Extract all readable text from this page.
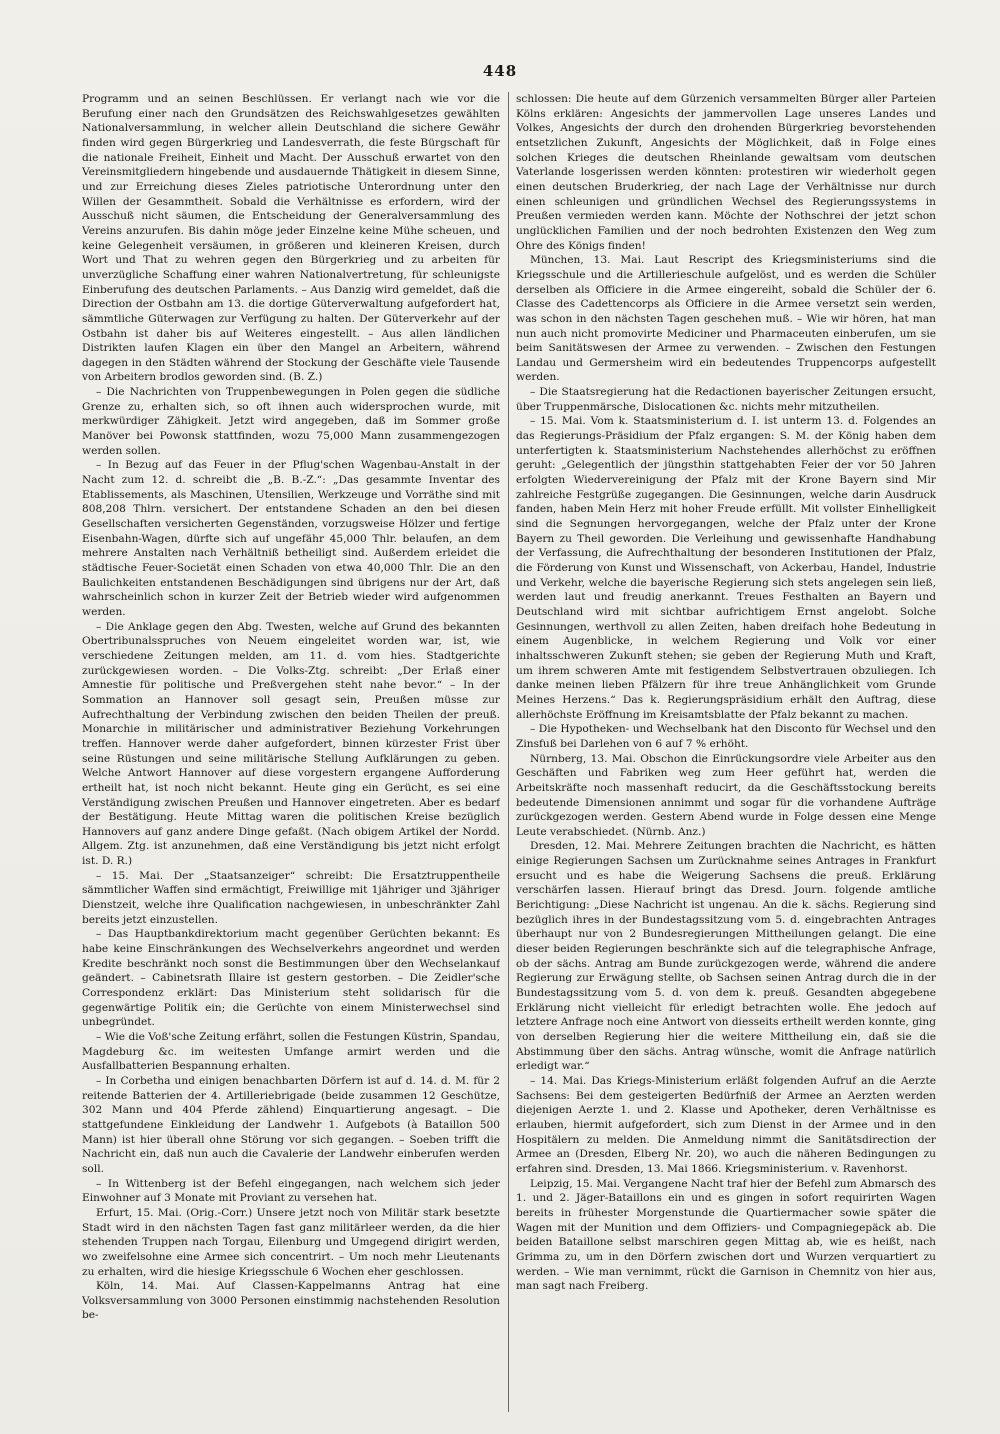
448

Programm und an seinen Beschlüssen. Er verlangt nach wie vor die Berufung einer nach den Grundsätzen des Reichswahlgesetzes gewählten Nationalversammlung, in welcher allein Deutschland die sichere Gewähr finden wird gegen Bürgerkrieg und Landesverrath, die feste Bürgschaft für die nationale Freiheit, Einheit und Macht. Der Ausschuß erwartet von den Vereinsmitgliedern hingebende und ausdauernde Thätigkeit in diesem Sinne, und zur Erreichung dieses Zieles patriotische Unterordnung unter den Willen der Gesammtheit. Sobald die Verhältnisse es erfordern, wird der Ausschuß nicht säumen, die Entscheidung der Generalversammlung des Vereins anzurufen. Bis dahin möge jeder Einzelne keine Mühe scheuen, und keine Gelegenheit versäumen, in größeren und kleineren Kreisen, durch Wort und That zu wehren gegen den Bürgerkrieg und zu arbeiten für unverzügliche Schaffung einer wahren Nationalvertretung, für schleunigste Einberufung des deutschen Parlaments. – Aus Danzig wird gemeldet, daß die Direction der Ostbahn am 13. die dortige Güterverwaltung aufgefordert hat, sämmtliche Güterwagen zur Verfügung zu halten. Der Güterverkehr auf der Ostbahn ist daher bis auf Weiteres eingestellt. – Aus allen ländlichen Distrikten laufen Klagen ein über den Mangel an Arbeitern, während dagegen in den Städten während der Stockung der Geschäfte viele Tausende von Arbeitern brodlos geworden sind. (B. Z.)

– Die Nachrichten von Truppenbewegungen in Polen gegen die südliche Grenze zu, erhalten sich, so oft ihnen auch widersprochen wurde, mit merkwürdiger Zähigkeit. Jetzt wird angegeben, daß im Sommer große Manöver bei Powonsk stattfinden, wozu 75,000 Mann zusammengezogen werden sollen.

– In Bezug auf das Feuer in der Pflug'schen Wagenbau-Anstalt in der Nacht zum 12. d. schreibt die „B. B.-Z.“: „Das gesammte Inventar des Etablissements, als Maschinen, Utensilien, Werkzeuge und Vorräthe sind mit 808,208 Thlrn. versichert. Der entstandene Schaden an den bei diesen Gesellschaften versicherten Gegenständen, vorzugsweise Hölzer und fertige Eisenbahn-Wagen, dürfte sich auf ungefähr 45,000 Thlr. belaufen, an dem mehrere Anstalten nach Verhältniß betheiligt sind. Außerdem erleidet die städtische Feuer-Societät einen Schaden von etwa 40,000 Thlr. Die an den Baulichkeiten entstandenen Beschädigungen sind übrigens nur der Art, daß wahrscheinlich schon in kurzer Zeit der Betrieb wieder wird aufgenommen werden.

– Die Anklage gegen den Abg. Twesten, welche auf Grund des bekannten Obertribunalsspruches von Neuem eingeleitet worden war, ist, wie verschiedene Zeitungen melden, am 11. d. vom hies. Stadtgerichte zurückgewiesen worden. – Die Volks-Ztg. schreibt: „Der Erlaß einer Amnestie für politische und Preßvergehen steht nahe bevor.“ – In der Sommation an Hannover soll gesagt sein, Preußen müsse zur Aufrechthaltung der Verbindung zwischen den beiden Theilen der preuß. Monarchie in militärischer und administrativer Beziehung Vorkehrungen treffen. Hannover werde daher aufgefordert, binnen kürzester Frist über seine Rüstungen und seine militärische Stellung Aufklärungen zu geben. Welche Antwort Hannover auf diese vorgestern ergangene Aufforderung ertheilt hat, ist noch nicht bekannt. Heute ging ein Gerücht, es sei eine Verständigung zwischen Preußen und Hannover eingetreten. Aber es bedarf der Bestätigung. Heute Mittag waren die politischen Kreise bezüglich Hannovers auf ganz andere Dinge gefaßt. (Nach obigem Artikel der Nordd. Allgem. Ztg. ist anzunehmen, daß eine Verständigung bis jetzt nicht erfolgt ist. D. R.)

– 15. Mai. Der „Staatsanzeiger“ schreibt: Die Ersatztruppentheile sämmtlicher Waffen sind ermächtigt, Freiwillige mit 1jähriger und 3jähriger Dienstzeit, welche ihre Qualification nachgewiesen, in unbeschränkter Zahl bereits jetzt einzustellen.

– Das Hauptbankdirektorium macht gegenüber Gerüchten bekannt: Es habe keine Einschränkungen des Wechselverkehrs angeordnet und werden Kredite beschränkt noch sonst die Bestimmungen über den Wechselankauf geändert. – Cabinetsrath Illaire ist gestern gestorben. – Die Zeidler'sche Correspondenz erklärt: Das Ministerium steht solidarisch für die gegenwärtige Politik ein; die Gerüchte von einem Ministerwechsel sind unbegründet.

– Wie die Voß'sche Zeitung erfährt, sollen die Festungen Küstrin, Spandau, Magdeburg &c. im weitesten Umfange armirt werden und die Ausfallbatterien Bespannung erhalten.

– In Corbetha und einigen benachbarten Dörfern ist auf d. 14. d. M. für 2 reitende Batterien der 4. Artilleriebrigade (beide zusammen 12 Geschütze, 302 Mann und 404 Pferde zählend) Einquartierung angesagt. – Die stattgefundene Einkleidung der Landwehr 1. Aufgebots (à Bataillon 500 Mann) ist hier überall ohne Störung vor sich gegangen. – Soeben trifft die Nachricht ein, daß nun auch die Cavalerie der Landwehr einberufen werden soll.

– In Wittenberg ist der Befehl eingegangen, nach welchem sich jeder Einwohner auf 3 Monate mit Proviant zu versehen hat.

Erfurt, 15. Mai. (Orig.-Corr.) Unsere jetzt noch von Militär stark besetzte Stadt wird in den nächsten Tagen fast ganz militärleer werden, da die hier stehenden Truppen nach Torgau, Eilenburg und Umgegend dirigirt werden, wo zweifelsohne eine Armee sich concentrirt. – Um noch mehr Lieutenants zu erhalten, wird die hiesige Kriegsschule 6 Wochen eher geschlossen.

Köln, 14. Mai. Auf Classen-Kappelmanns Antrag hat eine Volksversammlung von 3000 Personen einstimmig nachstehenden Resolution be-

schlossen: Die heute auf dem Gürzenich versammelten Bürger aller Parteien Kölns erklären: Angesichts der jammervollen Lage unseres Landes und Volkes, Angesichts der durch den drohenden Bürgerkrieg bevorstehenden entsetzlichen Zukunft, Angesichts der Möglichkeit, daß in Folge eines solchen Krieges die deutschen Rheinlande gewaltsam vom deutschen Vaterlande losgerissen werden könnten: protestiren wir wiederholt gegen einen deutschen Bruderkrieg, der nach Lage der Verhältnisse nur durch einen schleunigen und gründlichen Wechsel des Regierungssystems in Preußen vermieden werden kann. Möchte der Nothschrei der jetzt schon unglücklichen Familien und der noch bedrohten Existenzen den Weg zum Ohre des Königs finden!

München, 13. Mai. Laut Rescript des Kriegsministeriums sind die Kriegsschule und die Artillerieschule aufgelöst, und es werden die Schüler derselben als Officiere in die Armee eingereiht, sobald die Schüler der 6. Classe des Cadettencorps als Officiere in die Armee versetzt sein werden, was schon in den nächsten Tagen geschehen muß. – Wie wir hören, hat man nun auch nicht promovirte Mediciner und Pharmaceuten einberufen, um sie beim Sanitätswesen der Armee zu verwenden. – Zwischen den Festungen Landau und Germersheim wird ein bedeutendes Truppencorps aufgestellt werden.

– Die Staatsregierung hat die Redactionen bayerischer Zeitungen ersucht, über Truppenmärsche, Dislocationen &c. nichts mehr mitzutheilen.

– 15. Mai. Vom k. Staatsministerium d. I. ist unterm 13. d. Folgendes an das Regierungs-Präsidium der Pfalz ergangen: S. M. der König haben dem unterfertigten k. Staatsministerium Nachstehendes allerhöchst zu eröffnen geruht: „Gelegentlich der jüngsthin stattgehabten Feier der vor 50 Jahren erfolgten Wiedervereinigung der Pfalz mit der Krone Bayern sind Mir zahlreiche Festgrüße zugegangen. Die Gesinnungen, welche darin Ausdruck fanden, haben Mein Herz mit hoher Freude erfüllt. Mit vollster Einhelligkeit sind die Segnungen hervorgegangen, welche der Pfalz unter der Krone Bayern zu Theil geworden. Die Verleihung und gewissenhafte Handhabung der Verfassung, die Aufrechthaltung der besonderen Institutionen der Pfalz, die Förderung von Kunst und Wissenschaft, von Ackerbau, Handel, Industrie und Verkehr, welche die bayerische Regierung sich stets angelegen sein ließ, werden laut und freudig anerkannt. Treues Festhalten an Bayern und Deutschland wird mit sichtbar aufrichtigem Ernst angelobt. Solche Gesinnungen, werthvoll zu allen Zeiten, haben dreifach hohe Bedeutung in einem Augenblicke, in welchem Regierung und Volk vor einer inhaltsschweren Zukunft stehen; sie geben der Regierung Muth und Kraft, um ihrem schweren Amte mit festigendem Selbstvertrauen obzuliegen. Ich danke meinen lieben Pfälzern für ihre treue Anhänglichkeit vom Grunde Meines Herzens.“ Das k. Regierungspräsidium erhält den Auftrag, diese allerhöchste Eröffnung im Kreisamtsblatte der Pfalz bekannt zu machen.

– Die Hypotheken- und Wechselbank hat den Disconto für Wechsel und den Zinsfuß bei Darlehen von 6 auf 7 % erhöht.

Nürnberg, 13. Mai. Obschon die Einrückungsordre viele Arbeiter aus den Geschäften und Fabriken weg zum Heer geführt hat, werden die Arbeitskräfte noch massenhaft reducirt, da die Geschäftsstockung bereits bedeutende Dimensionen annimmt und sogar für die vorhandene Aufträge zurückgezogen werden. Gestern Abend wurde in Folge dessen eine Menge Leute verabschiedet. (Nürnb. Anz.)

Dresden, 12. Mai. Mehrere Zeitungen brachten die Nachricht, es hätten einige Regierungen Sachsen um Zurücknahme seines Antrages in Frankfurt ersucht und es habe die Weigerung Sachsens die preuß. Erklärung verschärfen lassen. Hierauf bringt das Dresd. Journ. folgende amtliche Berichtigung: „Diese Nachricht ist ungenau. An die k. sächs. Regierung sind bezüglich ihres in der Bundestagssitzung vom 5. d. eingebrachten Antrages überhaupt nur von 2 Bundesregierungen Mittheilungen gelangt. Die eine dieser beiden Regierungen beschränkte sich auf die telegraphische Anfrage, ob der sächs. Antrag am Bunde zurückgezogen werde, während die andere Regierung zur Erwägung stellte, ob Sachsen seinen Antrag durch die in der Bundestagssitzung vom 5. d. von dem k. preuß. Gesandten abgegebene Erklärung nicht vielleicht für erledigt betrachten wolle. Ehe jedoch auf letztere Anfrage noch eine Antwort von diesseits ertheilt werden konnte, ging von derselben Regierung hier die weitere Mittheilung ein, daß sie die Abstimmung über den sächs. Antrag wünsche, womit die Anfrage natürlich erledigt war.“

– 14. Mai. Das Kriegs-Ministerium erläßt folgenden Aufruf an die Aerzte Sachsens: Bei dem gesteigerten Bedürfniß der Armee an Aerzten werden diejenigen Aerzte 1. und 2. Klasse und Apotheker, deren Verhältnisse es erlauben, hiermit aufgefordert, sich zum Dienst in der Armee und in den Hospitälern zu melden. Die Anmeldung nimmt die Sanitätsdirection der Armee an (Dresden, Elberg Nr. 20), wo auch die näheren Bedingungen zu erfahren sind. Dresden, 13. Mai 1866. Kriegsministerium. v. Ravenhorst.

Leipzig, 15. Mai. Vergangene Nacht traf hier der Befehl zum Abmarsch des 1. und 2. Jäger-Bataillons ein und es gingen in sofort requirirten Wagen bereits in frühester Morgenstunde die Quartiermacher sowie später die Wagen mit der Munition und dem Offiziers- und Compagniegepäck ab. Die beiden Bataillone selbst marschiren gegen Mittag ab, wie es heißt, nach Grimma zu, um in den Dörfern zwischen dort und Wurzen verquartiert zu werden. – Wie man vernimmt, rückt die Garnison in Chemnitz von hier aus, man sagt nach Freiberg.
